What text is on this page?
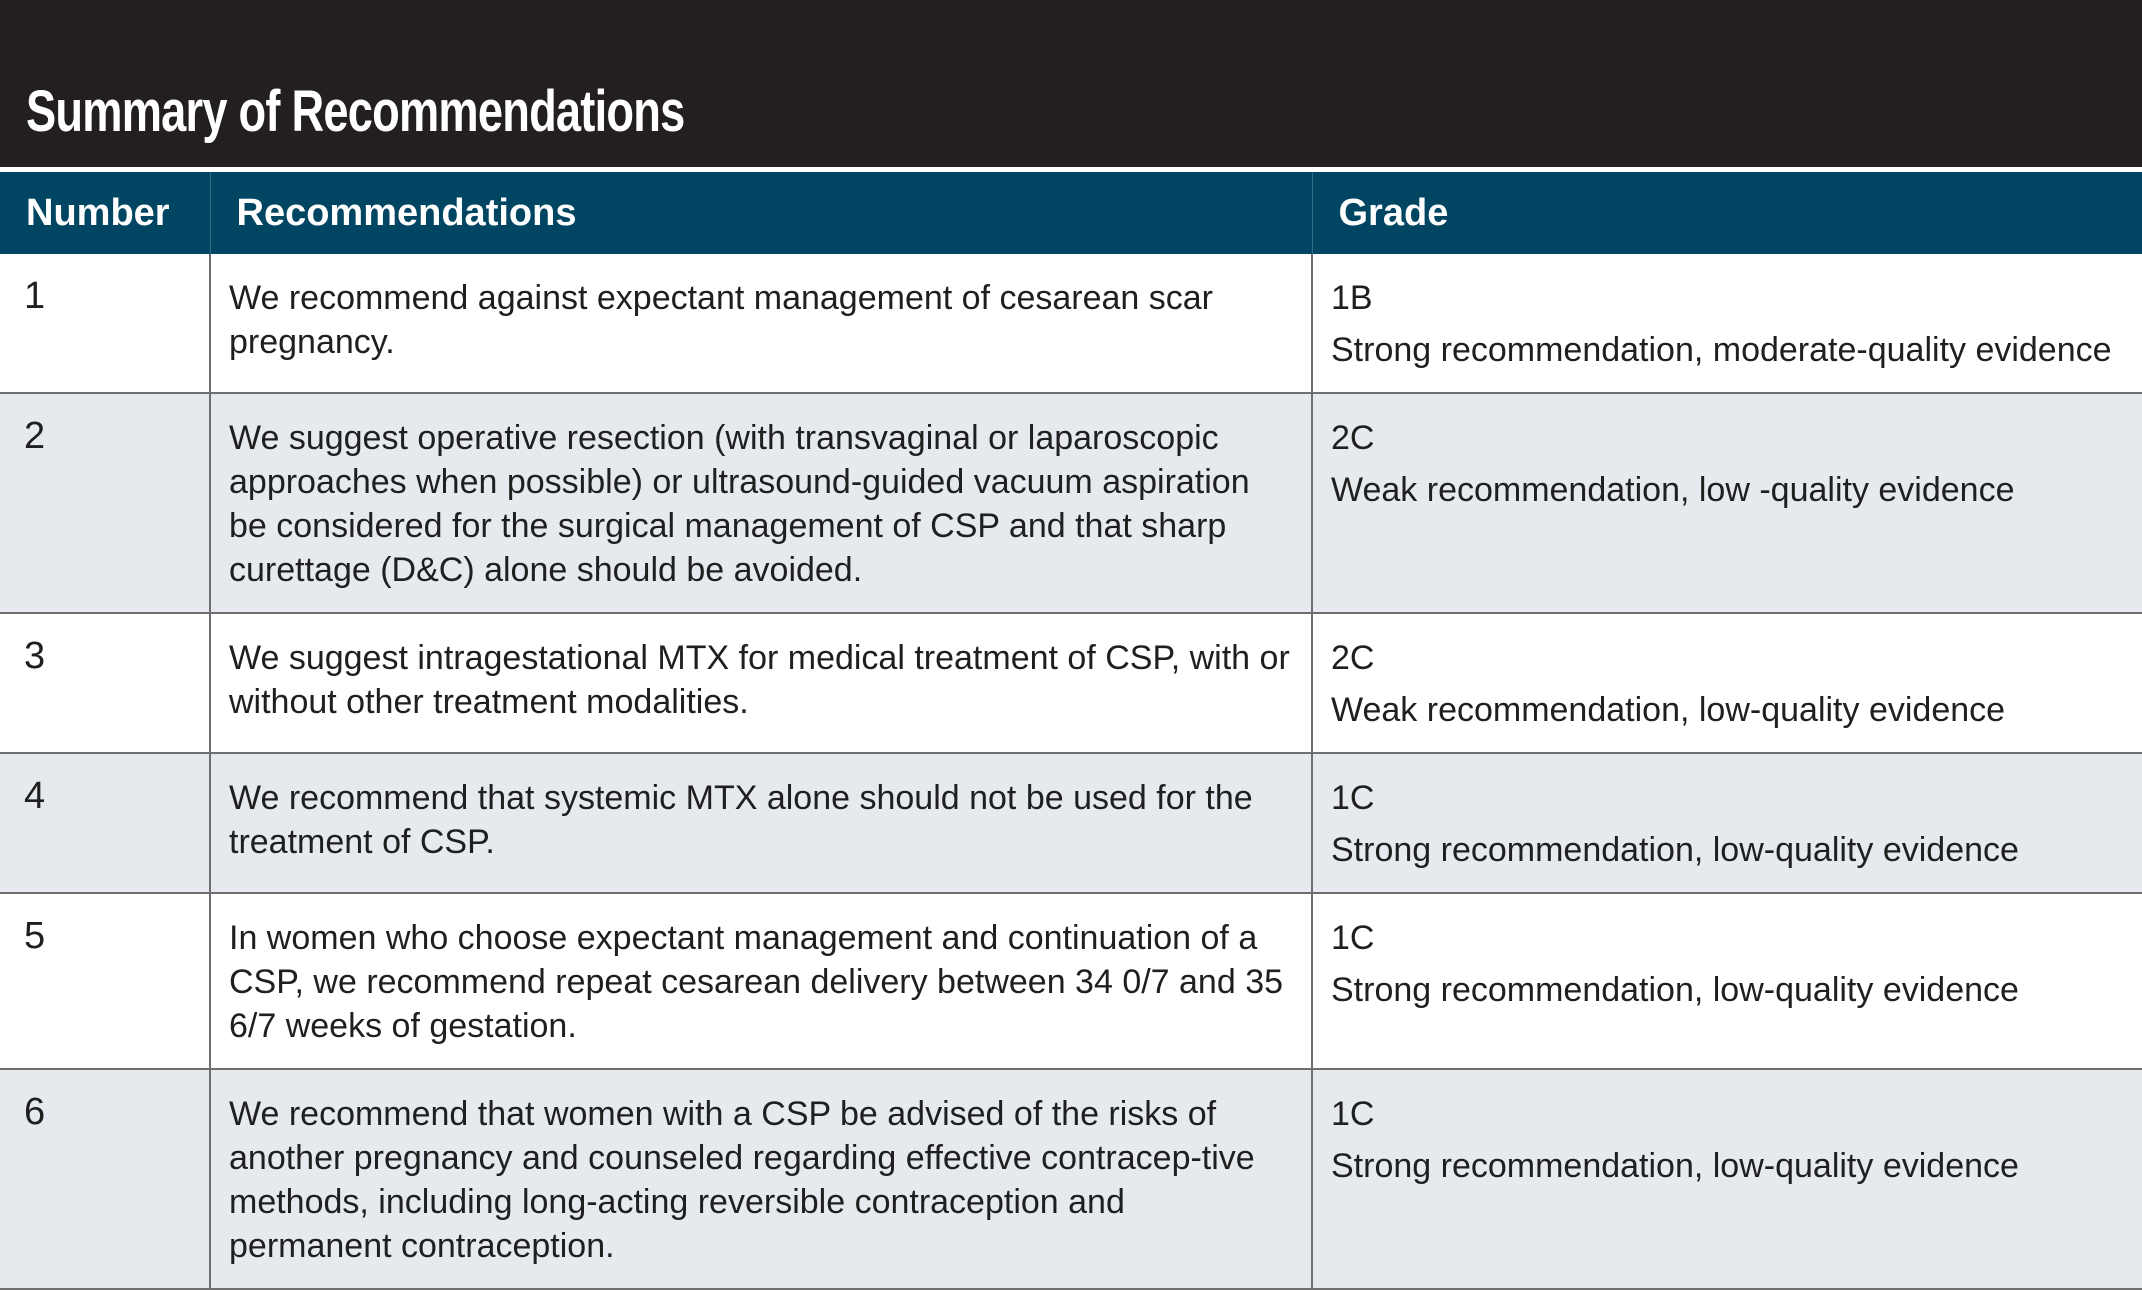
Summary of Recommendations
Number	Recommendations	Grade
1	We recommend against expectant management of cesarean scar pregnancy.	1B
Strong recommendation, moderate-quality evidence

2	We suggest operative resection (with transvaginal or laparoscopic approaches when possible) or ultrasound-guided vacuum aspiration be considered for the surgical management of CSP and that sharp curettage (D&C) alone should be avoided.	2C
Weak recommendation, low -quality evidence

3	We suggest intragestational MTX for medical treatment of CSP, with or without other treatment modalities.	2C
Weak recommendation, low-quality evidence

4	We recommend that systemic MTX alone should not be used for the treatment of CSP.	1C
Strong recommendation, low-quality evidence

5	In women who choose expectant management and continuation of a CSP, we recommend repeat cesarean delivery between 34 0/7 and 35 6/7 weeks of gestation.	1C
Strong recommendation, low-quality evidence

6	We recommend that women with a CSP be advised of the risks of another pregnancy and counseled regarding effective contracep-tive methods, including long-acting reversible contraception and permanent contraception.	1C
Strong recommendation, low-quality evidence
